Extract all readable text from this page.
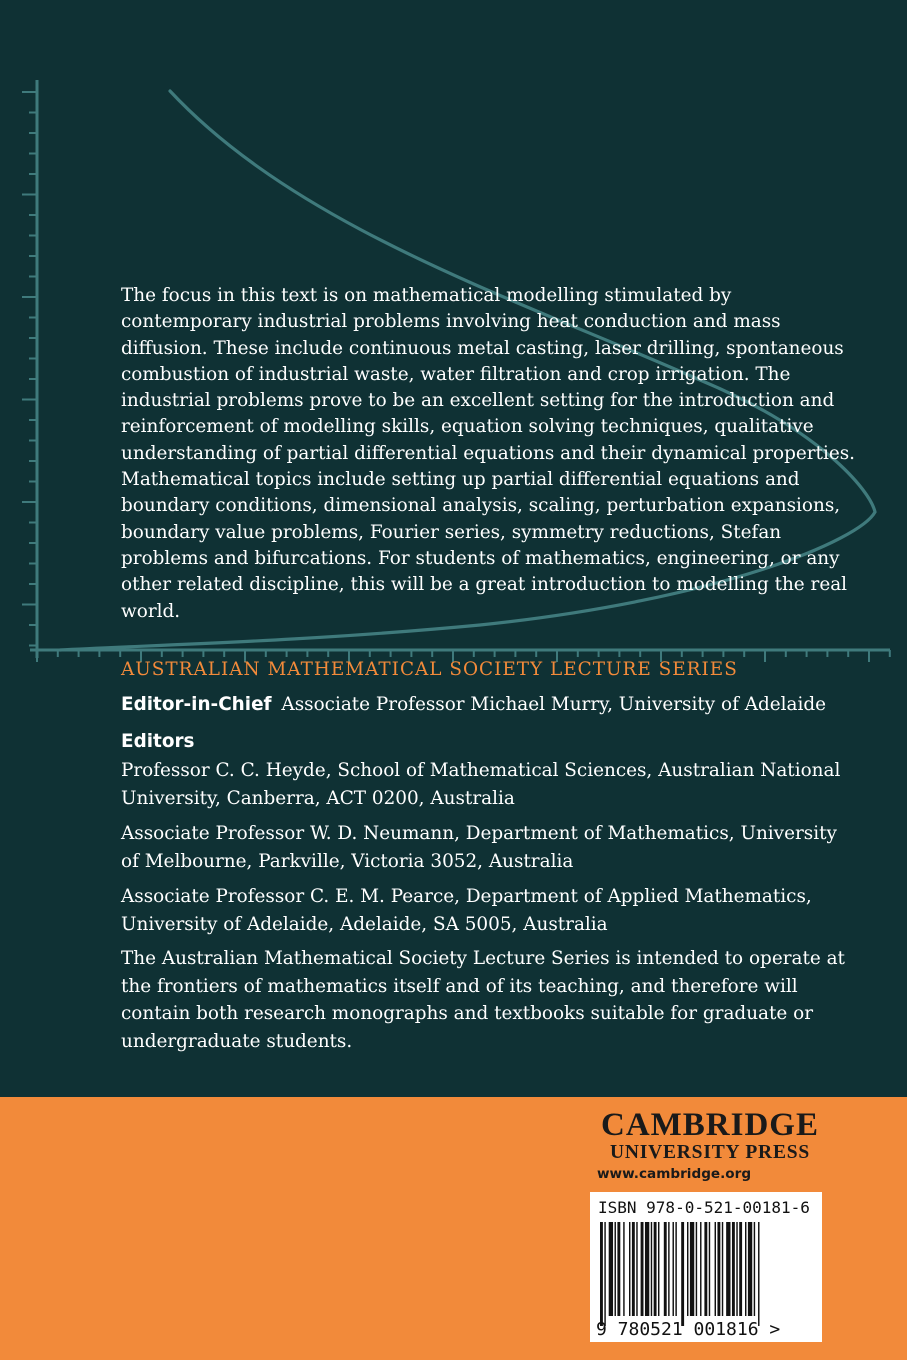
The focus in this text is on mathematical modelling stimulated by contemporary industrial problems involving heat conduction and mass diffusion. These include continuous metal casting, laser drilling, spontaneous combustion of industrial waste, water filtration and crop irrigation. The industrial problems prove to be an excellent setting for the introduction and reinforcement of modelling skills, equation solving techniques, qualitative understanding of partial differential equations and their dynamical properties. Mathematical topics include setting up partial differential equations and boundary conditions, dimensional analysis, scaling, perturbation expansions, boundary value problems, Fourier series, symmetry reductions, Stefan problems and bifurcations. For students of mathematics, engineering, or any other related discipline, this will be a great introduction to modelling the real world.
AUSTRALIAN MATHEMATICAL SOCIETY LECTURE SERIES
Editor-in-Chief Associate Professor Michael Murry, University of Adelaide
Editors
Professor C. C. Heyde, School of Mathematical Sciences, Australian National University, Canberra, ACT 0200, Australia
Associate Professor W. D. Neumann, Department of Mathematics, University of Melbourne, Parkville, Victoria 3052, Australia
Associate Professor C. E. M. Pearce, Department of Applied Mathematics, University of Adelaide, Adelaide, SA 5005, Australia
The Australian Mathematical Society Lecture Series is intended to operate at the frontiers of mathematics itself and of its teaching, and therefore will contain both research monographs and textbooks suitable for graduate or undergraduate students.
CAMBRIDGE
UNIVERSITY PRESS
www.cambridge.org
ISBN 978-0-521-00181-6
9 780521 001816 >
